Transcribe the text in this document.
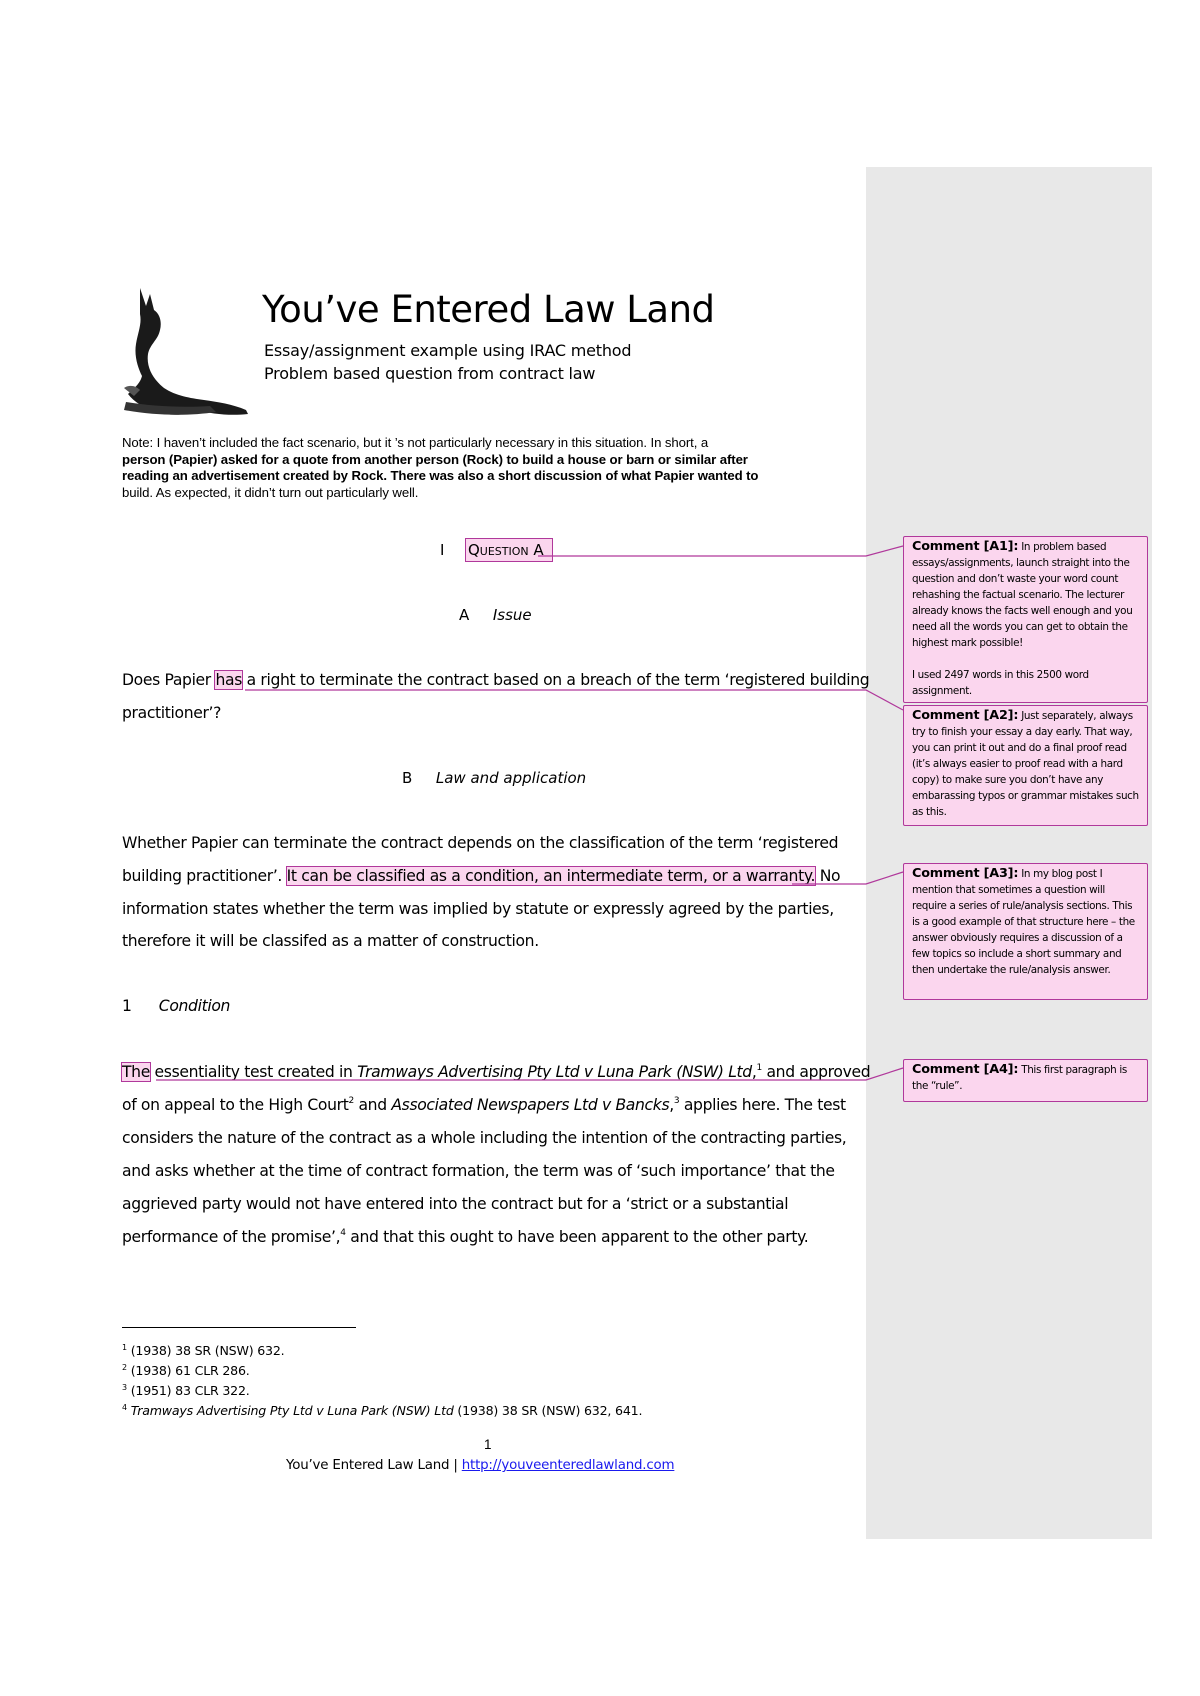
You’ve Entered Law Land
Essay/assignment example using IRAC method
Problem based question from contract law
Note: I haven’t included the fact scenario, but it ’s not particularly necessary in this situation. In short, a
person (Papier) asked for a quote from another person (Rock) to build a house or barn or similar after
reading an advertisement created by Rock. There was also a short discussion of what Papier wanted to
build. As expected, it didn’t turn out particularly well.
I Question A
A Issue
Does Papier has a right to terminate the contract based on a breach of the term ‘registered building
practitioner’?
B Law and application
Whether Papier can terminate the contract depends on the classification of the term ‘registered
building practitioner’. It can be classified as a condition, an intermediate term, or a warranty. No
information states whether the term was implied by statute or expressly agreed by the parties,
therefore it will be classifed as a matter of construction.
1 Condition
The essentiality test created in Tramways Advertising Pty Ltd v Luna Park (NSW) Ltd,$^1$ and approved
of on appeal to the High Court$^2$ and Associated Newspapers Ltd v Bancks,$^3$ applies here. The test
considers the nature of the contract as a whole including the intention of the contracting parties,
and asks whether at the time of contract formation, the term was of ‘such importance’ that the
aggrieved party would not have entered into the contract but for a ‘strict or a substantial
performance of the promise’,$^4$ and that this ought to have been apparent to the other party.
$^1$ (1938) 38 SR (NSW) 632.
$^2$ (1938) 61 CLR 286.
$^3$ (1951) 83 CLR 322.
$^4$ Tramways Advertising Pty Ltd v Luna Park (NSW) Ltd (1938) 38 SR (NSW) 632, 641.
1
You’ve Entered Law Land | http://youveenteredlawland.com

Comment [A1]: In problem based essays/assignments, launch straight into the question and don’t waste your word count rehashing the factual scenario. The lecturer already knows the facts well enough and you need all the words you can get to obtain the highest mark possible!

I used 2497 words in this 2500 word assignment.

Comment [A2]: Just separately, always try to finish your essay a day early. That way, you can print it out and do a final proof read (it’s always easier to proof read with a hard copy) to make sure you don’t have any embarassing typos or grammar mistakes such as this.

Comment [A3]: In my blog post I mention that sometimes a question will require a series of rule/analysis sections. This is a good example of that structure here – the answer obviously requires a discussion of a few topics so include a short summary and then undertake the rule/analysis answer.

Comment [A4]: This first paragraph is the “rule”.
